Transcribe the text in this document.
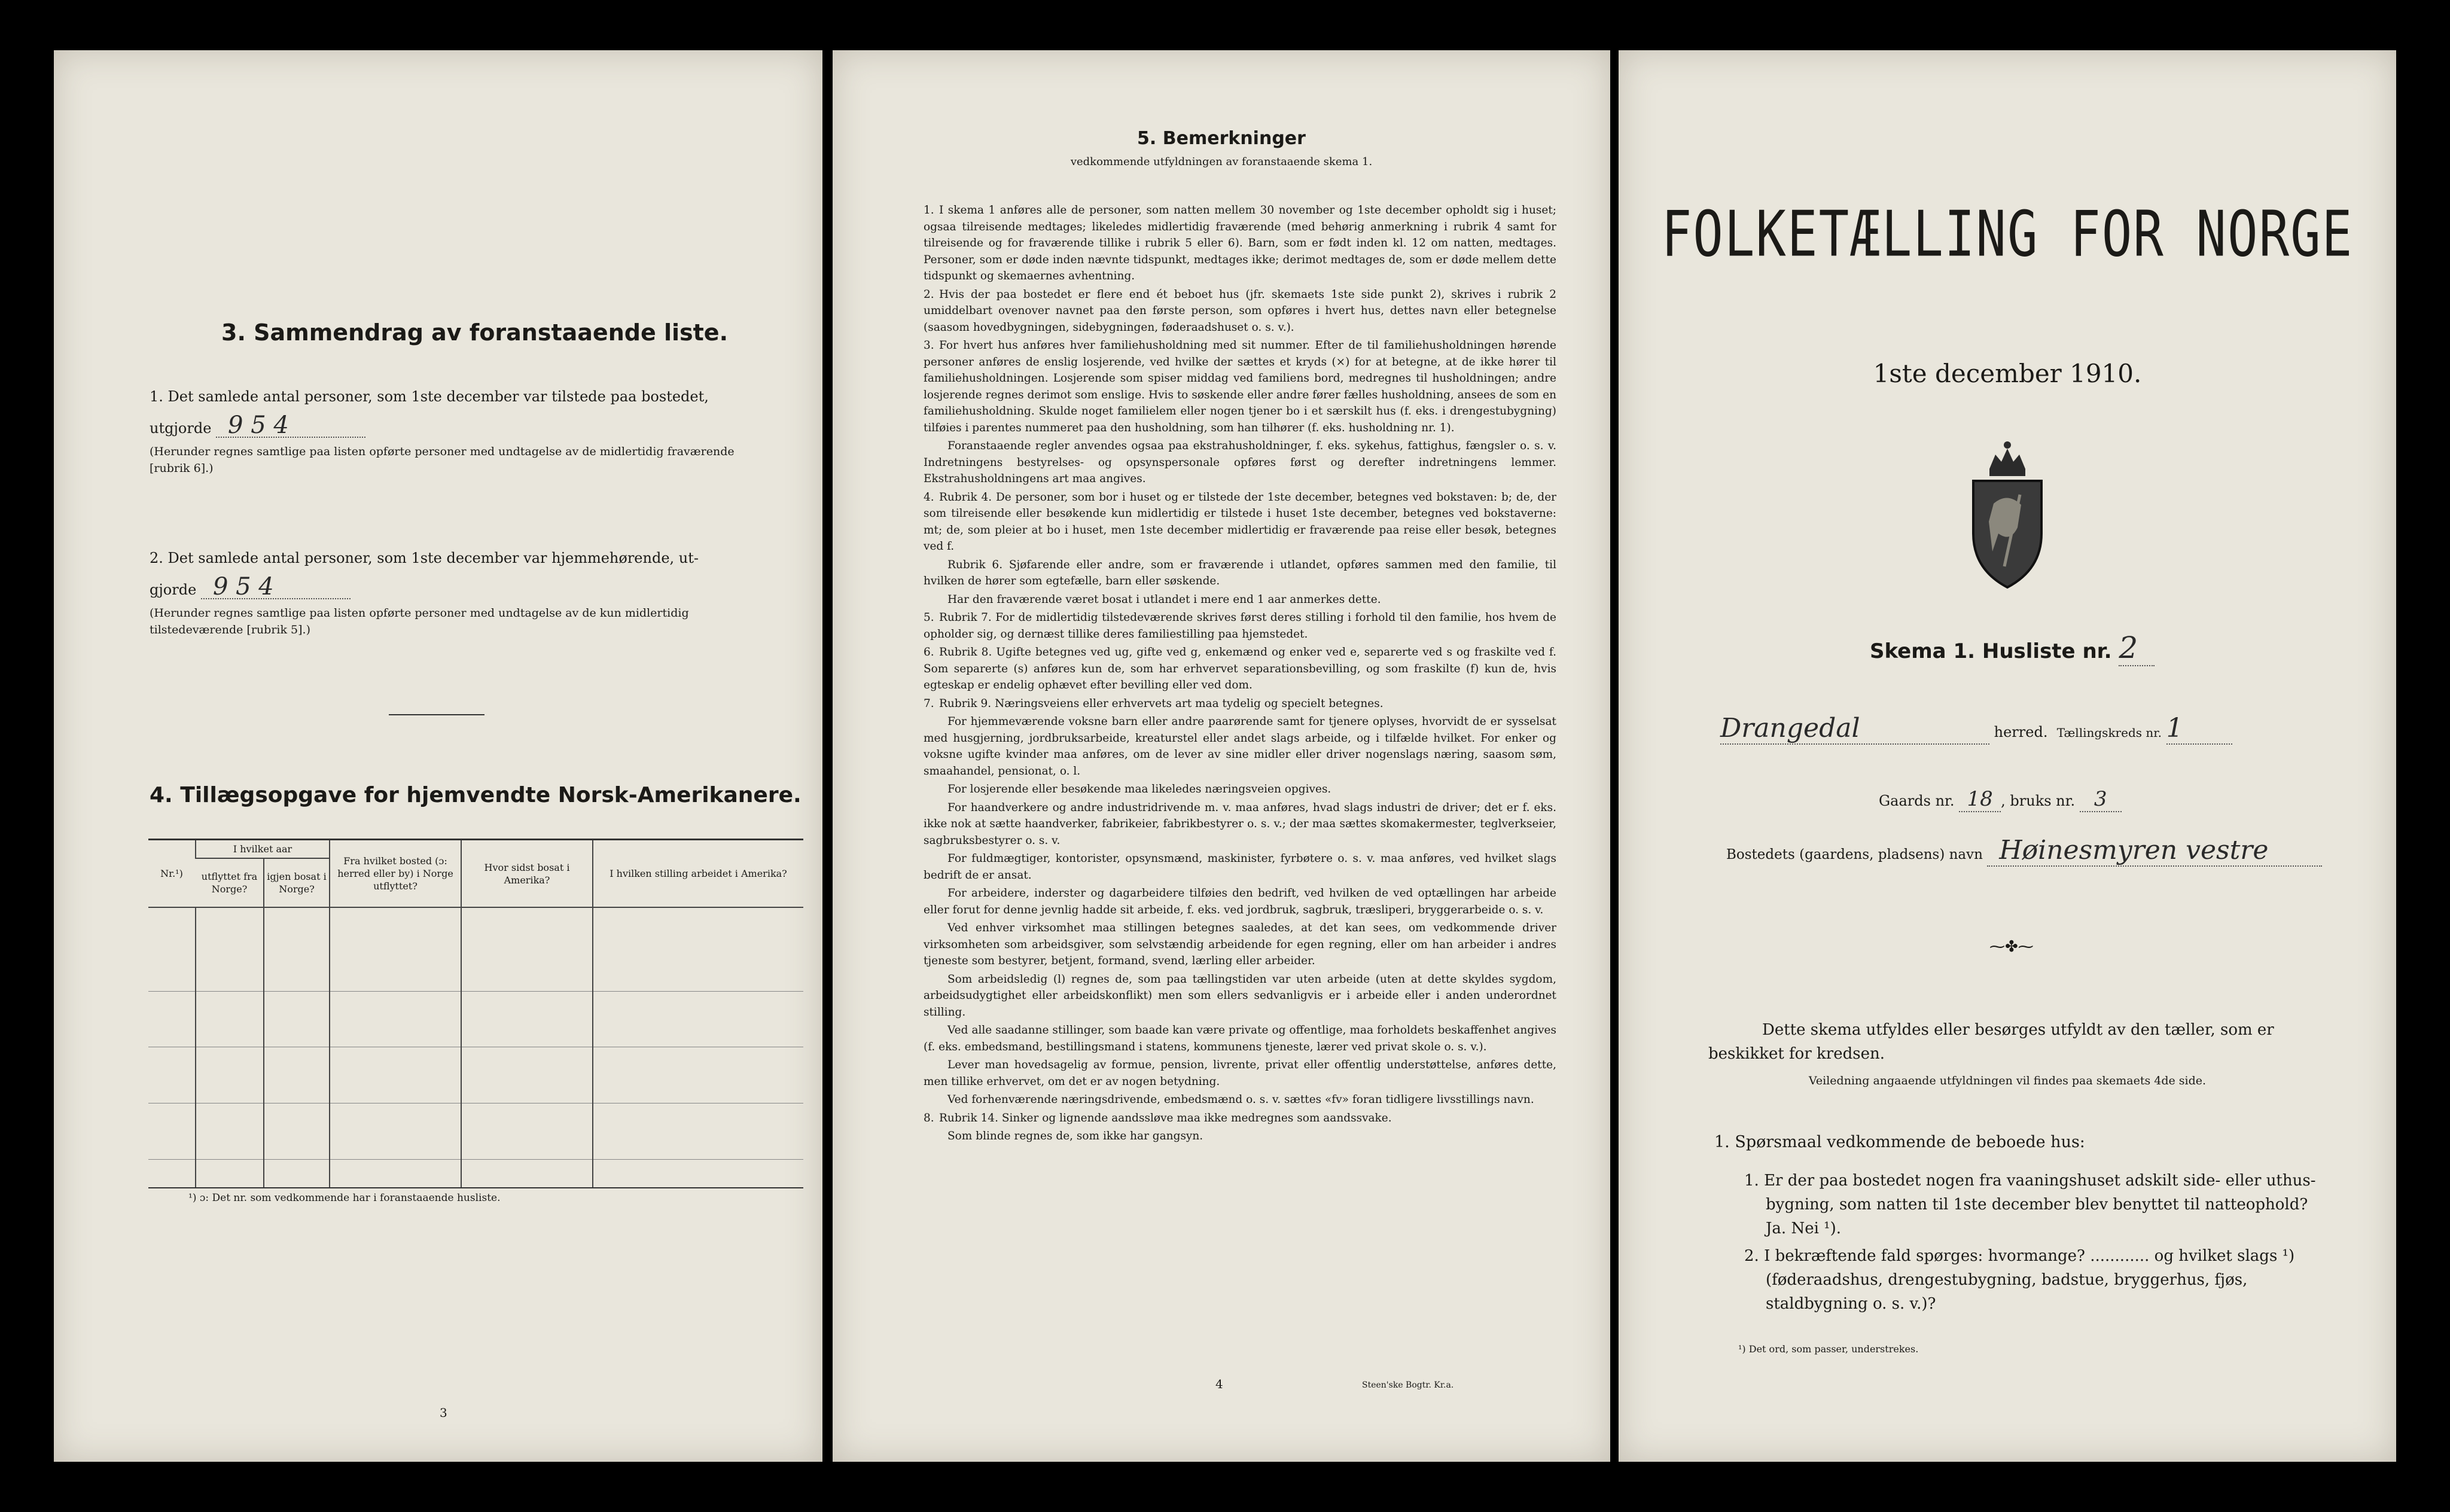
3. Sammendrag av foranstaaende liste.
1. Det samlede antal personer, som 1ste december var tilstede paa bostedet,
utgjorde 9 5 4
(Herunder regnes samtlige paa listen opførte personer med undtagelse av de midlertidig fraværende [rubrik 6].)
2. Det samlede antal personer, som 1ste december var hjemmehørende, ut-
gjorde 9 5 4
(Herunder regnes samtlige paa listen opførte personer med undtagelse av de kun midlertidig tilstedeværende [rubrik 5].)
4. Tillægsopgave for hjemvendte Norsk-Amerikanere.
Nr.¹)	I hvilket aar		Fra hvilket bosted (ɔ: herred eller by) i Norge utflyttet?	Hvor sidst bosat i Amerika?	I hvilken stilling arbeidet i Amerika?
	utflyttet fra Norge?	igjen bosat i Norge?			

¹) ɔ: Det nr. som vedkommende har i foranstaaende husliste.
3
5. Bemerkninger
vedkommende utfyldningen av foranstaaende skema 1.

1. I skema 1 anføres alle de personer, som natten mellem 30 november og 1ste december opholdt sig i huset; ogsaa tilreisende medtages; likeledes midlertidig fraværende (med behørig anmerkning i rubrik 4 samt for tilreisende og for fraværende tillike i rubrik 5 eller 6). Barn, som er født inden kl. 12 om natten, medtages. Personer, som er døde inden nævnte tidspunkt, medtages ikke; derimot medtages de, som er døde mellem dette tidspunkt og skemaernes avhentning.

2. Hvis der paa bostedet er flere end ét beboet hus (jfr. skemaets 1ste side punkt 2), skrives i rubrik 2 umiddelbart ovenover navnet paa den første person, som opføres i hvert hus, dettes navn eller betegnelse (saasom hovedbygningen, sidebygningen, føderaadshuset o. s. v.).

3. For hvert hus anføres hver familiehusholdning med sit nummer. Efter de til familiehusholdningen hørende personer anføres de enslig losjerende, ved hvilke der sættes et kryds (×) for at betegne, at de ikke hører til familiehusholdningen. Losjerende som spiser middag ved familiens bord, medregnes til husholdningen; andre losjerende regnes derimot som enslige. Hvis to søskende eller andre fører fælles husholdning, ansees de som en familiehusholdning. Skulde noget familielem eller nogen tjener bo i et særskilt hus (f. eks. i drengestubygning) tilføies i parentes nummeret paa den husholdning, som han tilhører (f. eks. husholdning nr. 1).

Foranstaaende regler anvendes ogsaa paa ekstrahusholdninger, f. eks. sykehus, fattighus, fængsler o. s. v. Indretningens bestyrelses- og opsynspersonale opføres først og derefter indretningens lemmer. Ekstrahusholdningens art maa angives.

4. Rubrik 4. De personer, som bor i huset og er tilstede der 1ste december, betegnes ved bokstaven: b; de, der som tilreisende eller besøkende kun midlertidig er tilstede i huset 1ste december, betegnes ved bokstaverne: mt; de, som pleier at bo i huset, men 1ste december midlertidig er fraværende paa reise eller besøk, betegnes ved f.

Rubrik 6. Sjøfarende eller andre, som er fraværende i utlandet, opføres sammen med den familie, til hvilken de hører som egtefælle, barn eller søskende.

Har den fraværende været bosat i utlandet i mere end 1 aar anmerkes dette.

5. Rubrik 7. For de midlertidig tilstedeværende skrives først deres stilling i forhold til den familie, hos hvem de opholder sig, og dernæst tillike deres familiestilling paa hjemstedet.

6. Rubrik 8. Ugifte betegnes ved ug, gifte ved g, enkemænd og enker ved e, separerte ved s og fraskilte ved f. Som separerte (s) anføres kun de, som har erhvervet separationsbevilling, og som fraskilte (f) kun de, hvis egteskap er endelig ophævet efter bevilling eller ved dom.

7. Rubrik 9. Næringsveiens eller erhvervets art maa tydelig og specielt betegnes.

For hjemmeværende voksne barn eller andre paarørende samt for tjenere oplyses, hvorvidt de er sysselsat med husgjerning, jordbruksarbeide, kreaturstel eller andet slags arbeide, og i tilfælde hvilket. For enker og voksne ugifte kvinder maa anføres, om de lever av sine midler eller driver nogenslags næring, saasom søm, smaahandel, pensionat, o. l.

For losjerende eller besøkende maa likeledes næringsveien opgives.

For haandverkere og andre industridrivende m. v. maa anføres, hvad slags industri de driver; det er f. eks. ikke nok at sætte haandverker, fabrikeier, fabrikbestyrer o. s. v.; der maa sættes skomakermester, teglverkseier, sagbruksbestyrer o. s. v.

For fuldmægtiger, kontorister, opsynsmænd, maskinister, fyrbøtere o. s. v. maa anføres, ved hvilket slags bedrift de er ansat.

For arbeidere, inderster og dagarbeidere tilføies den bedrift, ved hvilken de ved optællingen har arbeide eller forut for denne jevnlig hadde sit arbeide, f. eks. ved jordbruk, sagbruk, træsliperi, bryggerarbeide o. s. v.

Ved enhver virksomhet maa stillingen betegnes saaledes, at det kan sees, om vedkommende driver virksomheten som arbeidsgiver, som selvstændig arbeidende for egen regning, eller om han arbeider i andres tjeneste som bestyrer, betjent, formand, svend, lærling eller arbeider.

Som arbeidsledig (l) regnes de, som paa tællingstiden var uten arbeide (uten at dette skyldes sygdom, arbeidsudygtighet eller arbeidskonflikt) men som ellers sedvanligvis er i arbeide eller i anden underordnet stilling.

Ved alle saadanne stillinger, som baade kan være private og offentlige, maa forholdets beskaffenhet angives (f. eks. embedsmand, bestillingsmand i statens, kommunens tjeneste, lærer ved privat skole o. s. v.).

Lever man hovedsagelig av formue, pension, livrente, privat eller offentlig understøttelse, anføres dette, men tillike erhvervet, om det er av nogen betydning.

Ved forhenværende næringsdrivende, embedsmænd o. s. v. sættes «fv» foran tidligere livsstillings navn.

8. Rubrik 14. Sinker og lignende aandssløve maa ikke medregnes som aandssvake.

Som blinde regnes de, som ikke har gangsyn.

4	Steen'ske Bogtr. Kr.a.
FOLKETÆLLING FOR NORGE
1ste december 1910.
Skema 1. Husliste nr. 2
Drangedal	herred. Tællingskreds nr. 1
Gaards nr. 18 , bruks nr. 3
Bostedets (gaardens, pladsens) navn Høinesmyren vestre
⁓✤⁓
Dette skema utfyldes eller besørges utfyldt av den tæller, som er beskikket for kredsen.
Veiledning angaaende utfyldningen vil findes paa skemaets 4de side.
1. Spørsmaal vedkommende de beboede hus:
1. Er der paa bostedet nogen fra vaaningshuset adskilt side- eller uthus-bygning, som natten til 1ste december blev benyttet til natteophold? Ja. Nei ¹).
2. I bekræftende fald spørges: hvormange? ............ og hvilket slags ¹) (føderaadshus, drengestubygning, badstue, bryggerhus, fjøs, staldbygning o. s. v.)?
¹) Det ord, som passer, understrekes.
